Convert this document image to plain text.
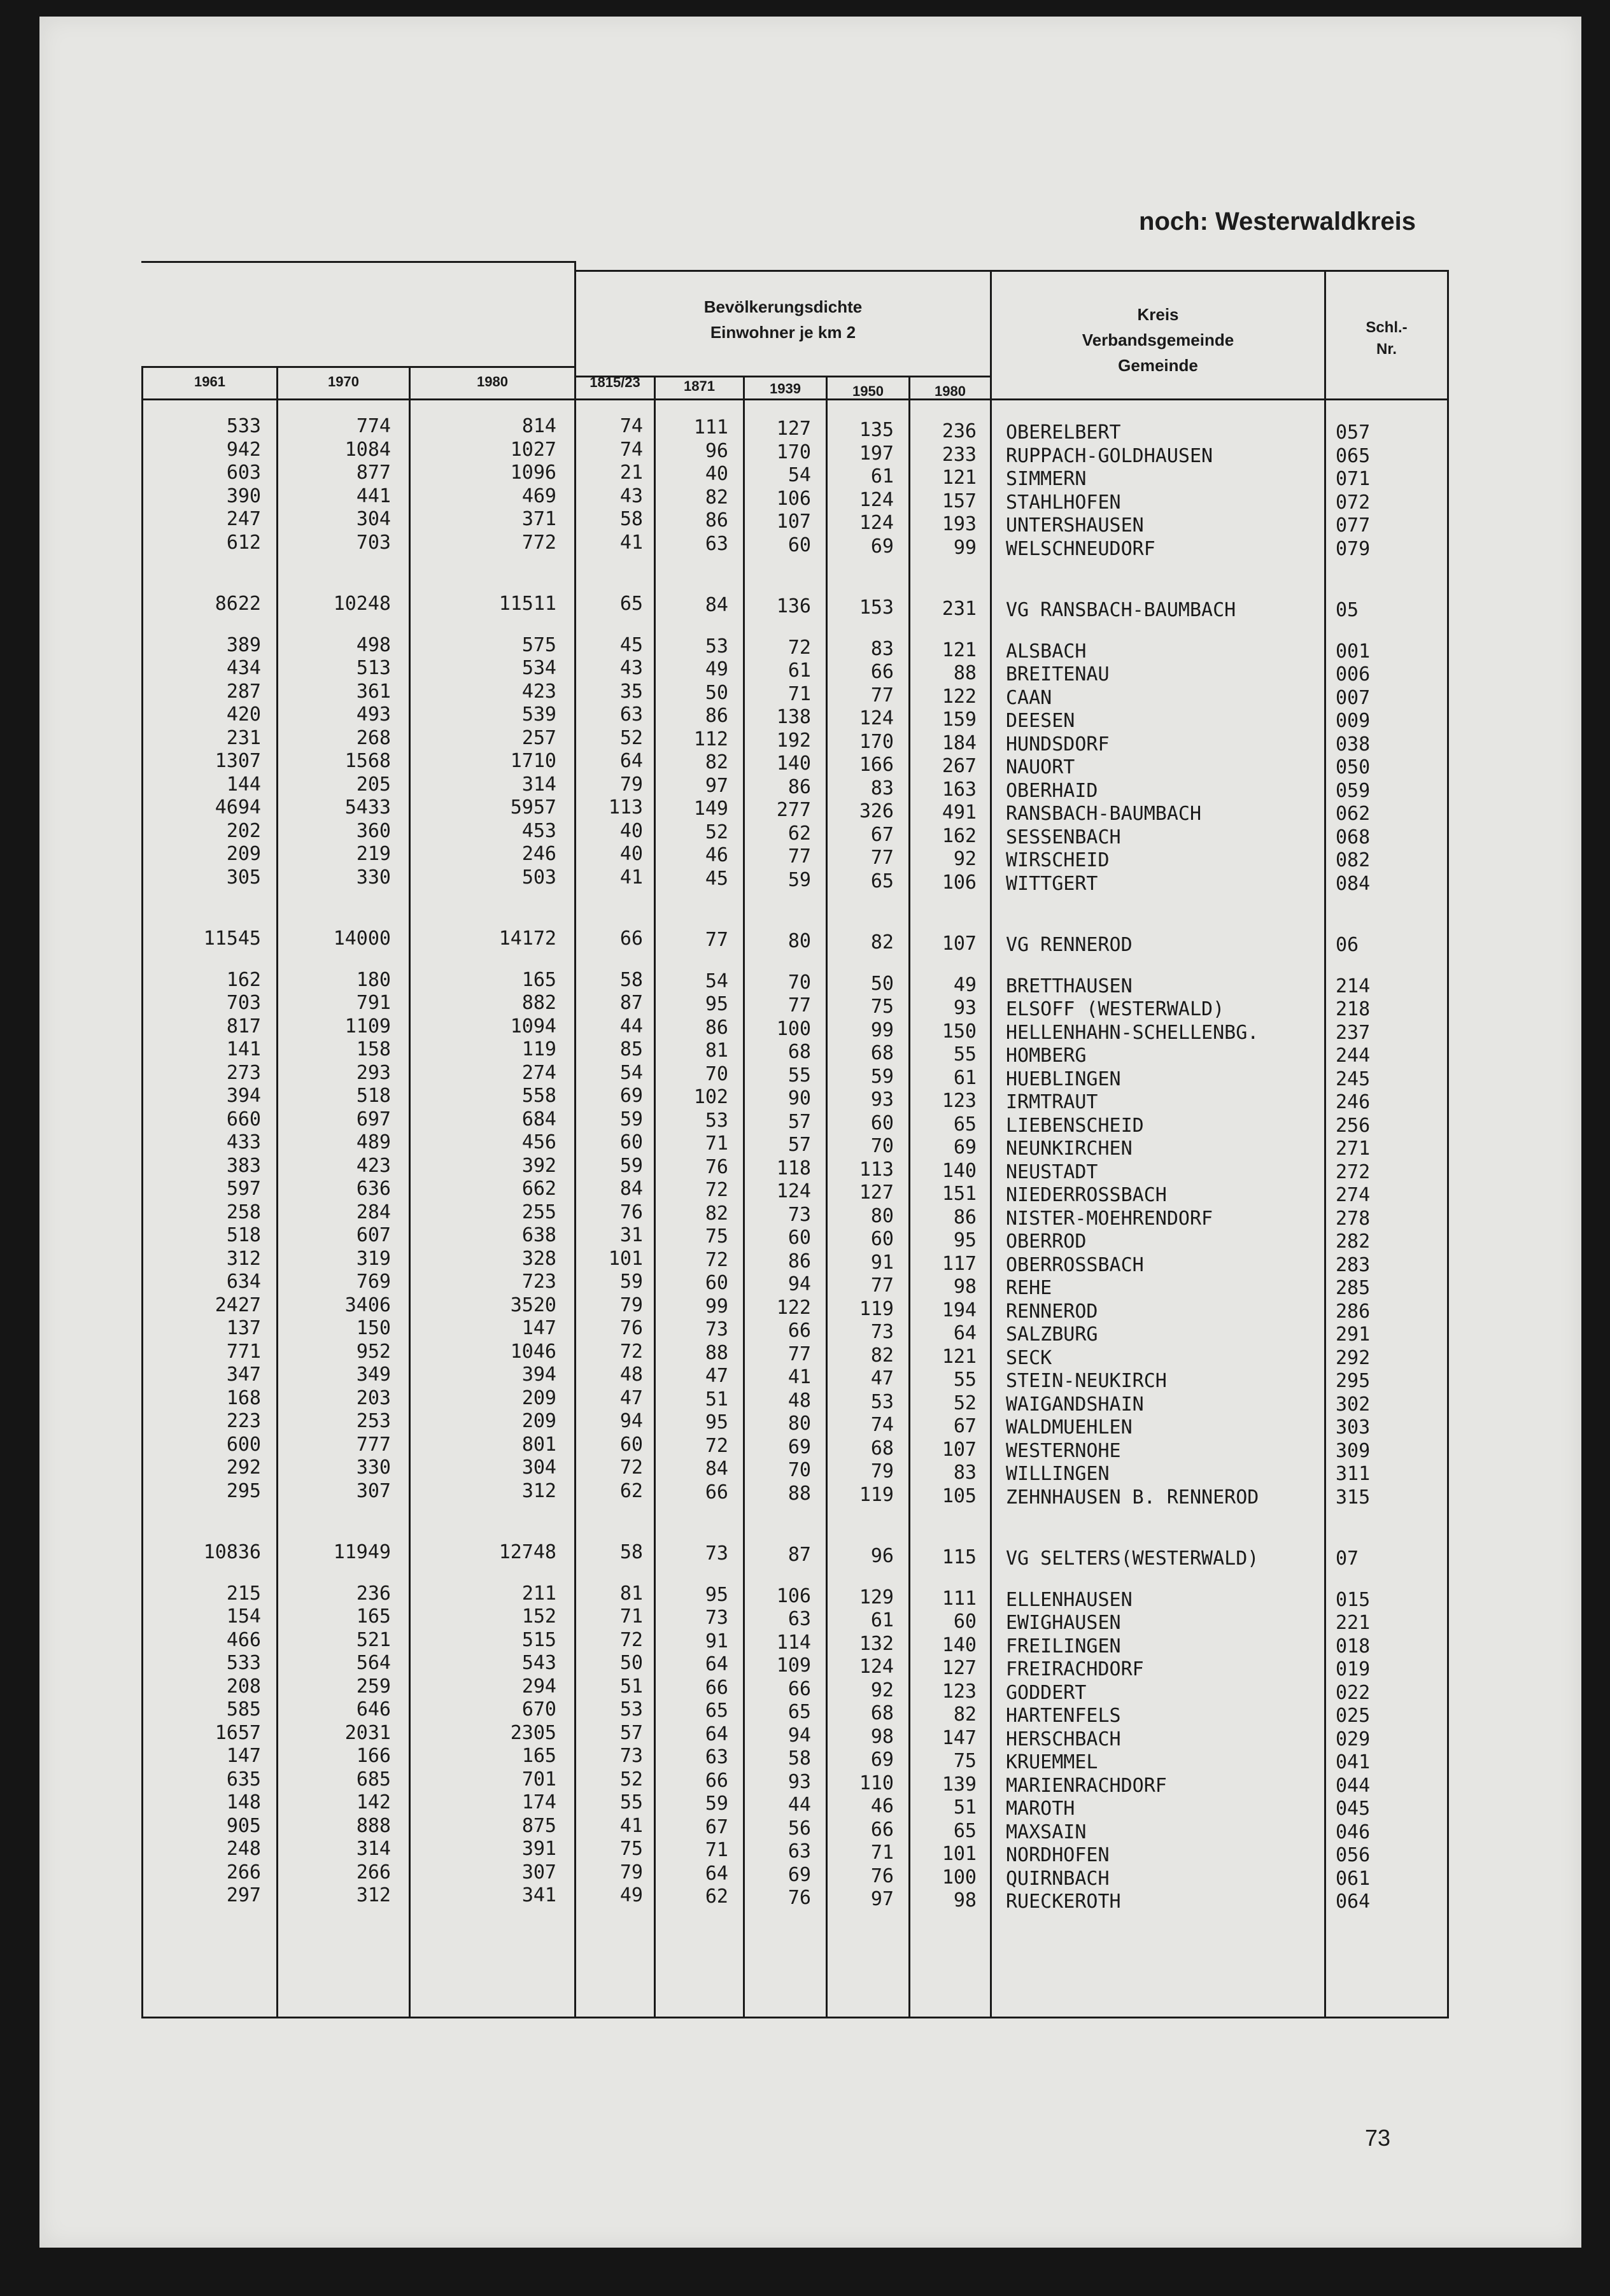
noch: Westerwaldkreis
Bevölkerungsdichte
Einwohner je km 2
Kreis
Verbandsgemeinde
Gemeinde
Schl.-
Nr.
1961	1970	1980	1815/23	1871	1939	1950	1980
533	774	814	74	111	127	135	236 OBERELBERT	057
942	1084	1027	74	96	170	197	233 RUPPACH-GOLDHAUSEN	065
603	877	1096	21	40	54	61	121 SIMMERN	071
390	441	469	43	82	106	124	157 STAHLHOFEN	072
247	304	371	58	86	107	124	193 UNTERSHAUSEN	077
612	703	772	41	63	60	69	99 WELSCHNEUDORF	079
8622	10248	11511	65	84	136	153	231 VG RANSBACH-BAUMBACH	05
389	498	575	45	53	72	83	121 ALSBACH	001
434	513	534	43	49	61	66	88 BREITENAU	006
287	361	423	35	50	71	77	122 CAAN	007
420	493	539	63	86	138	124	159 DEESEN	009
231	268	257	52	112	192	170	184 HUNDSDORF	038
1307	1568	1710	64	82	140	166	267 NAUORT	050
144	205	314	79	97	86	83	163 OBERHAID	059
4694	5433	5957	113	149	277	326	491 RANSBACH-BAUMBACH	062
202	360	453	40	52	62	67	162 SESSENBACH	068
209	219	246	40	46	77	77	92 WIRSCHEID	082
305	330	503	41	45	59	65	106 WITTGERT	084
11545	14000	14172	66	77	80	82	107 VG RENNEROD	06
162	180	165	58	54	70	50	49 BRETTHAUSEN	214
703	791	882	87	95	77	75	93 ELSOFF (WESTERWALD)	218
817	1109	1094	44	86	100	99	150 HELLENHAHN-SCHELLENBG.	237
141	158	119	85	81	68	68	55 HOMBERG	244
273	293	274	54	70	55	59	61 HUEBLINGEN	245
394	518	558	69	102	90	93	123 IRMTRAUT	246
660	697	684	59	53	57	60	65 LIEBENSCHEID	256
433	489	456	60	71	57	70	69 NEUNKIRCHEN	271
383	423	392	59	76	118	113	140 NEUSTADT	272
597	636	662	84	72	124	127	151 NIEDERROSSBACH	274
258	284	255	76	82	73	80	86 NISTER-MOEHRENDORF	278
518	607	638	31	75	60	60	95 OBERROD	282
312	319	328	101	72	86	91	117 OBERROSSBACH	283
634	769	723	59	60	94	77	98 REHE	285
2427	3406	3520	79	99	122	119	194 RENNEROD	286
137	150	147	76	73	66	73	64 SALZBURG	291
771	952	1046	72	88	77	82	121 SECK	292
347	349	394	48	47	41	47	55 STEIN-NEUKIRCH	295
168	203	209	47	51	48	53	52 WAIGANDSHAIN	302
223	253	209	94	95	80	74	67 WALDMUEHLEN	303
600	777	801	60	72	69	68	107 WESTERNOHE	309
292	330	304	72	84	70	79	83 WILLINGEN	311
295	307	312	62	66	88	119	105 ZEHNHAUSEN B. RENNEROD	315
10836	11949	12748	58	73	87	96	115 VG SELTERS(WESTERWALD)	07
215	236	211	81	95	106	129	111 ELLENHAUSEN	015
154	165	152	71	73	63	61	60 EWIGHAUSEN	221
466	521	515	72	91	114	132	140 FREILINGEN	018
533	564	543	50	64	109	124	127 FREIRACHDORF	019
208	259	294	51	66	66	92	123 GODDERT	022
585	646	670	53	65	65	68	82 HARTENFELS	025
1657	2031	2305	57	64	94	98	147 HERSCHBACH	029
147	166	165	73	63	58	69	75 KRUEMMEL	041
635	685	701	52	66	93	110	139 MARIENRACHDORF	044
148	142	174	55	59	44	46	51 MAROTH	045
905	888	875	41	67	56	66	65 MAXSAIN	046
248	314	391	75	71	63	71	101 NORDHOFEN	056
266	266	307	79	64	69	76	100 QUIRNBACH	061
297	312	341	49	62	76	97	98 RUECKEROTH	064
73
